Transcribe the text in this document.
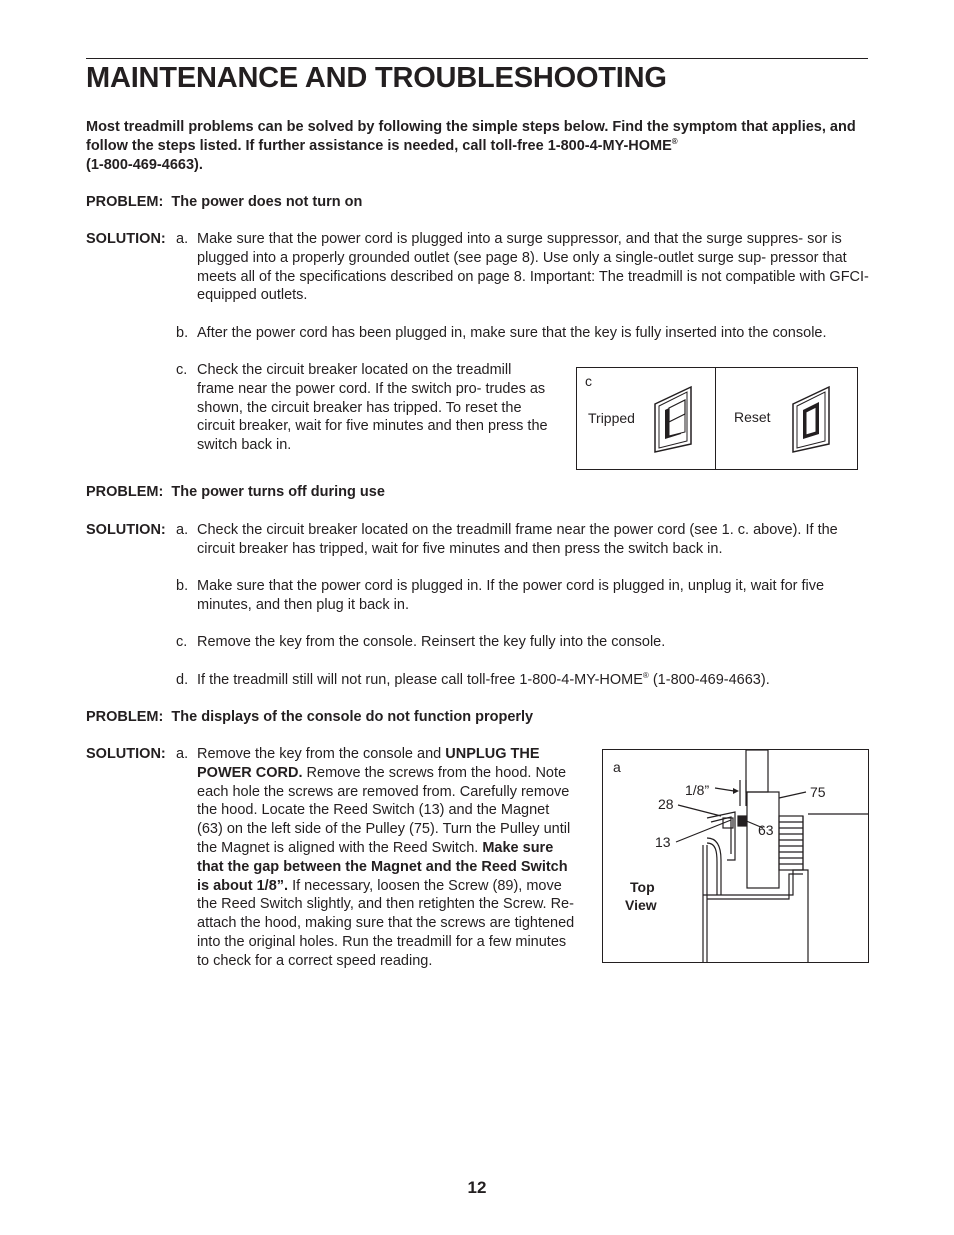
MAINTENANCE AND TROUBLESHOOTING

Most treadmill problems can be solved by following the simple steps below. Find the symptom that applies, and follow the steps listed. If further assistance is needed, call toll-free 1-800-4-MY-HOME®
(1-800-469-4663).

PROBLEM: The power does not turn on
SOLUTION: a. Make sure that the power cord is plugged into a surge suppressor, and that the surge suppres- sor is plugged into a properly grounded outlet (see page 8). Use only a single-outlet surge sup- pressor that meets all of the specifications described on page 8. Important: The treadmill is not compatible with GFCI-equipped outlets.
b. After the power cord has been plugged in, make sure that the key is fully inserted into the console.
c. Check the circuit breaker located on the treadmill frame near the power cord. If the switch pro- trudes as shown, the circuit breaker has tripped. To reset the circuit breaker, wait for five minutes and then press the switch back in.
c
Tripped	Reset
PROBLEM: The power turns off during use
SOLUTION: a. Check the circuit breaker located on the treadmill frame near the power cord (see 1. c. above). If the circuit breaker has tripped, wait for five minutes and then press the switch back in.
b. Make sure that the power cord is plugged in. If the power cord is plugged in, unplug it, wait for five minutes, and then plug it back in.
c. Remove the key from the console. Reinsert the key fully into the console.
d. If the treadmill still will not run, please call toll-free 1-800-4-MY-HOME® (1-800-469-4663).
PROBLEM: The displays of the console do not function properly
SOLUTION: a. Remove the key from the console and UNPLUG THE POWER CORD. Remove the screws from the hood. Note each hole the screws are removed from. Carefully remove the hood. Locate the Reed Switch (13) and the Magnet (63) on the left side of the Pulley (75). Turn the Pulley until the Magnet is aligned with the Reed Switch. Make sure that the gap between the Magnet and the Reed Switch is about 1/8”. If necessary, loosen the Screw (89), move the Reed Switch slightly, and then retighten the Screw. Re- attach the hood, making sure that the screws are tightened into the original holes. Run the treadmill for a few minutes to check for a correct speed reading.
a
1/8”
28
13
63
75
Top
View
12
